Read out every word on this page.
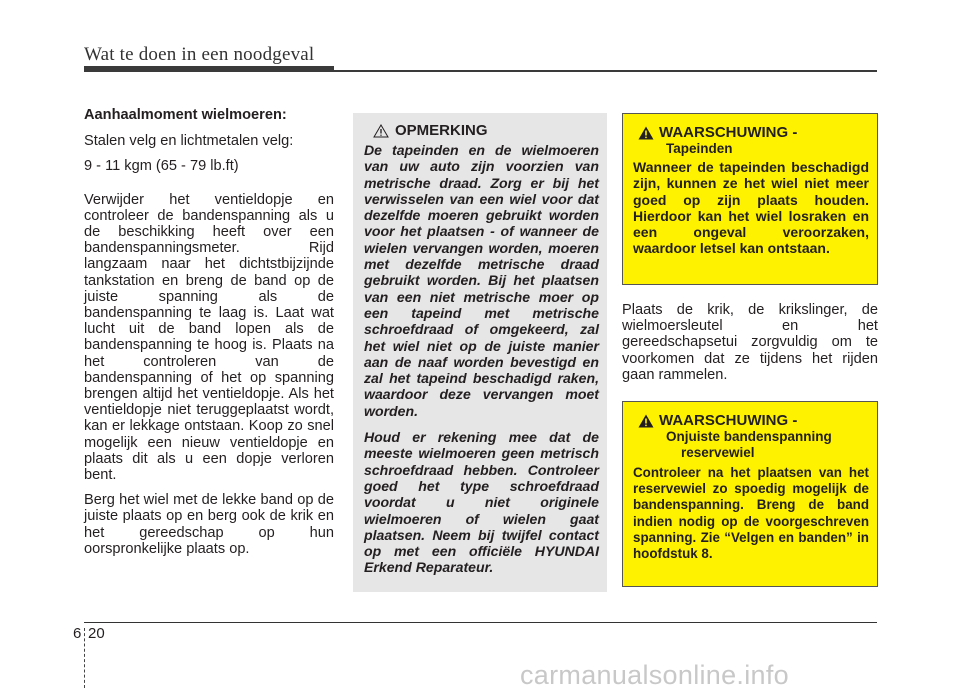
Wat te doen in een noodgeval

Aanhaalmoment wielmoeren:

Stalen velg en lichtmetalen velg:

9 - 11 kgm (65 - 79 lb.ft)

Verwijder het ventieldopje en controleer de bandenspanning als u de beschikking heeft over een bandenspanningsmeter. Rijd langzaam naar het dichtstbijzijnde tankstation en breng de band op de juiste spanning als de bandenspanning te laag is. Laat wat lucht uit de band lopen als de bandenspanning te hoog is. Plaats na het controleren van de bandenspanning of het op spanning brengen altijd het ventieldopje. Als het ventieldopje niet teruggeplaatst wordt, kan er lekkage ontstaan. Koop zo snel mogelijk een nieuw ventieldopje en plaats dit als u een dopje verloren bent.

Berg het wiel met de lekke band op de juiste plaats op en berg ook de krik en het gereedschap op hun oorspronkelijke plaats op.

OPMERKING

De tapeinden en de wielmoeren van uw auto zijn voorzien van metrische draad. Zorg er bij het verwisselen van een wiel voor dat dezelfde moeren gebruikt worden voor het plaatsen - of wanneer de wielen vervangen worden, moeren met dezelfde metrische draad gebruikt worden. Bij het plaatsen van een niet metrische moer op een tapeind met metrische schroefdraad of omgekeerd, zal het wiel niet op de juiste manier aan de naaf worden bevestigd en zal het tapeind beschadigd raken, waardoor deze vervangen moet worden.

Houd er rekening mee dat de meeste wielmoeren geen metrisch schroefdraad hebben. Controleer goed het type schroefdraad voordat u niet originele wielmoeren of wielen gaat plaatsen. Neem bij twijfel contact op met een officiële HYUNDAI Erkend Reparateur.

WAARSCHUWING -
Tapeinden
Wanneer de tapeinden beschadigd zijn, kunnen ze het wiel niet meer goed op zijn plaats houden. Hierdoor kan het wiel losraken en een ongeval veroorzaken, waardoor letsel kan ontstaan.

Plaats de krik, de krikslinger, de wielmoersleutel en het gereedschapsetui zorgvuldig om te voorkomen dat ze tijdens het rijden gaan rammelen.

WAARSCHUWING -
Onjuiste bandenspanning
reservewiel
Controleer na het plaatsen van het reservewiel zo spoedig mogelijk de bandenspanning. Breng de band indien nodig op de voorgeschreven spanning. Zie “Velgen en banden” in hoofdstuk 8.
6 20
carmanualsonline.info
